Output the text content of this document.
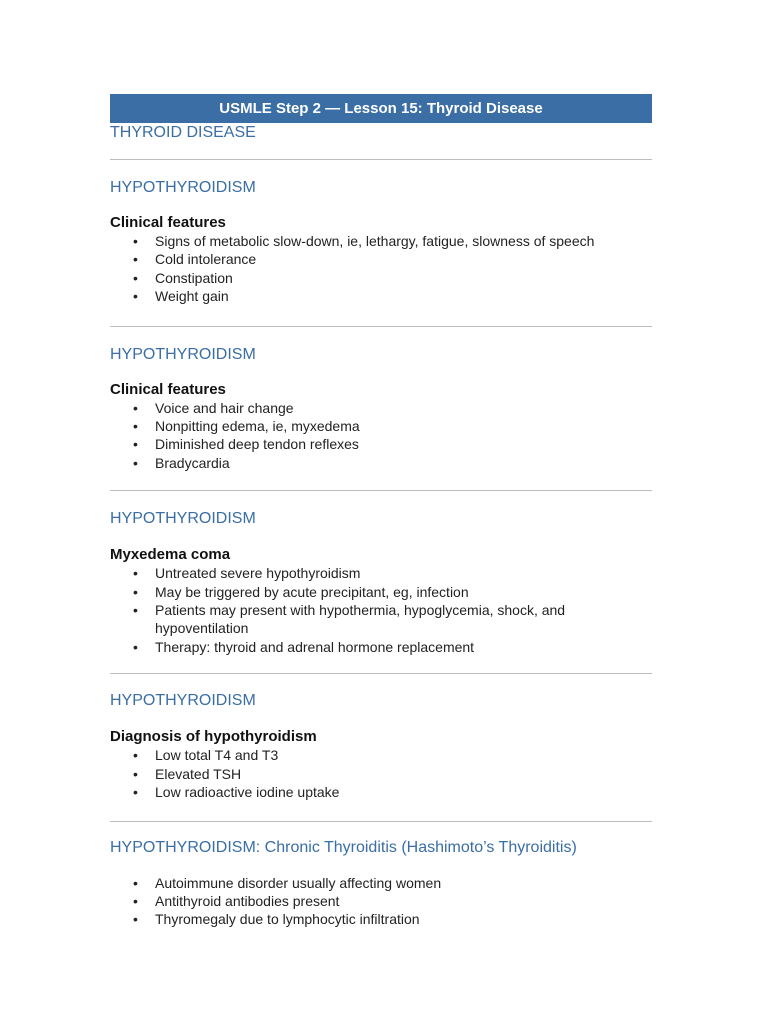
USMLE Step 2 — Lesson 15: Thyroid Disease
THYROID DISEASE
HYPOTHYROIDISM
Clinical features
• Signs of metabolic slow-down, ie, lethargy, fatigue, slowness of speech
• Cold intolerance
• Constipation
• Weight gain
HYPOTHYROIDISM
Clinical features
• Voice and hair change
• Nonpitting edema, ie, myxedema
• Diminished deep tendon reflexes
• Bradycardia
HYPOTHYROIDISM
Myxedema coma
• Untreated severe hypothyroidism
• May be triggered by acute precipitant, eg, infection
• Patients may present with hypothermia, hypoglycemia, shock, and hypoventilation
• Therapy: thyroid and adrenal hormone replacement
HYPOTHYROIDISM
Diagnosis of hypothyroidism
• Low total T4 and T3
• Elevated TSH
• Low radioactive iodine uptake
HYPOTHYROIDISM: Chronic Thyroiditis (Hashimoto’s Thyroiditis)
• Autoimmune disorder usually affecting women
• Antithyroid antibodies present
• Thyromegaly due to lymphocytic infiltration
